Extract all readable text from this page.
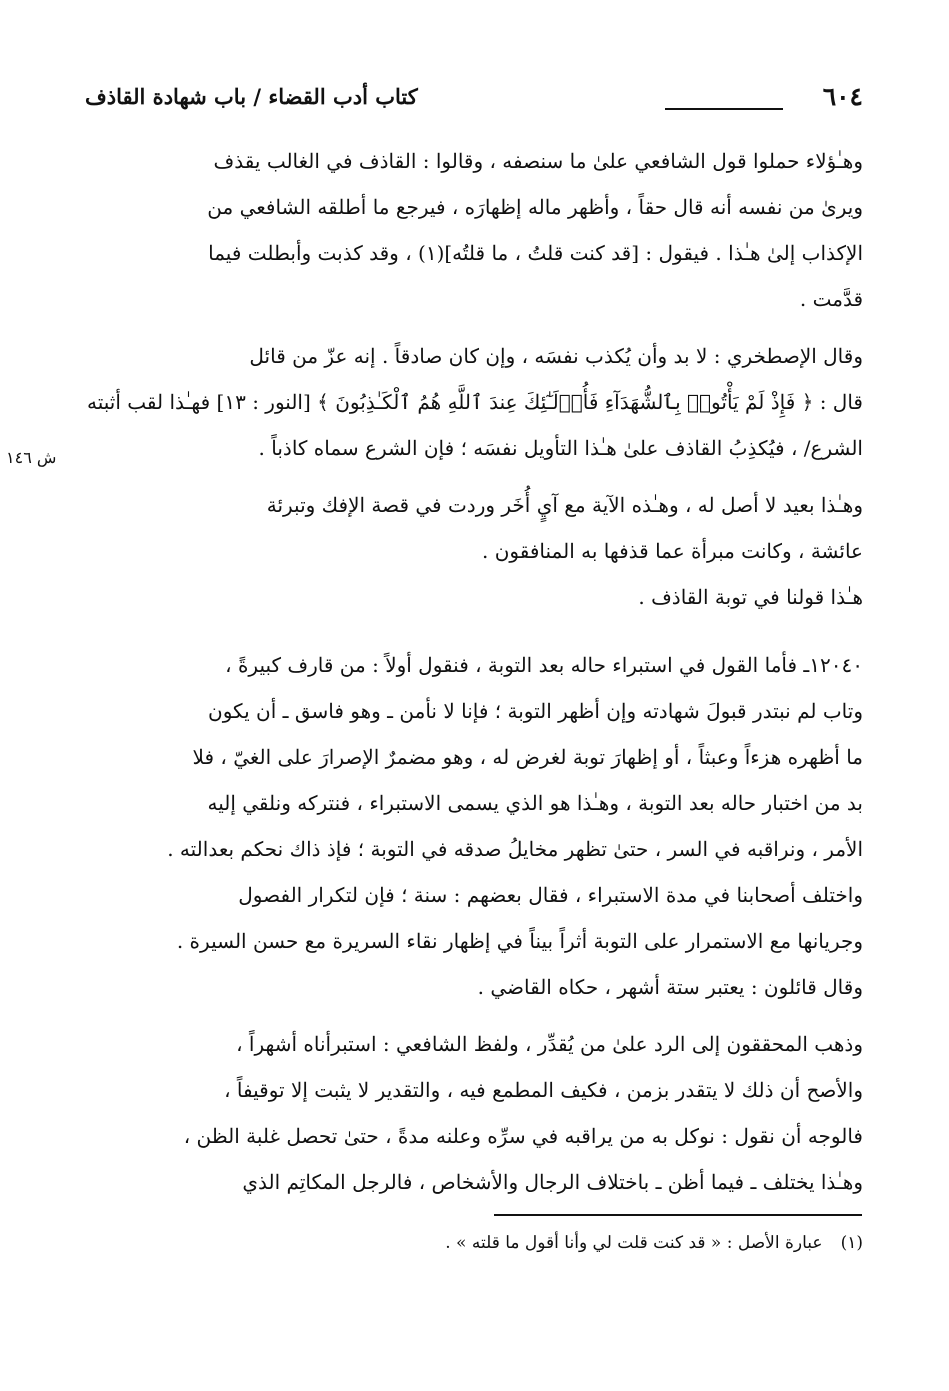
٦٠٤
كتاب أدب القضاء / باب شهادة القاذف
ش ١٤٦

وهـٰؤلاء حملوا قول الشافعي علىٰ ما سنصفه ، وقالوا : القاذف في الغالب يقذف
ويرىٰ من نفسه أنه قال حقاً ، وأظهر ماله إظهارَه ، فيرجع ما أطلقه الشافعي من
الإكذاب إلىٰ هـٰذا . فيقول : [قد كنت قلتُ ، ما قلتُه](١) ، وقد كذبت وأبطلت فيما
قدَّمت .

وقال الإصطخري : لا بد وأن يُكذب نفسَه ، وإن كان صادقاً . إنه عزّ من قائل
قال : ﴿ فَإِذْ لَمْ يَأْتُوا۟ بِٱلشُّهَدَآءِ فَأُو۟لَـٰٓئِكَ عِندَ ٱللَّهِ هُمُ ٱلْكَـٰذِبُونَ ﴾ [النور : ١٣] فهـٰذا لقب أثبته
الشرع/ ، فيُكذِبُ القاذف علىٰ هـٰذا التأويل نفسَه ؛ فإن الشرع سماه كاذباً .

وهـٰذا بعيد لا أصل له ، وهـٰذه الآية مع آيٍ أُخَر وردت في قصة الإفك وتبرئة
عائشة ، وكانت مبرأة عما قذفها به المنافقون .

هـٰذا قولنا في توبة القاذف .

١٢٠٤٠ـ فأما القول في استبراء حاله بعد التوبة ، فنقول أولاً : من قارف كبيرةً ،
وتاب لم نبتدر قبولَ شهادته وإن أظهر التوبة ؛ فإنا لا نأمن ـ وهو فاسق ـ أن يكون
ما أظهره هزءاً وعبثاً ، أو إظهارَ توبة لغرض له ، وهو مضمرٌ الإصرارَ على الغيّ ، فلا
بد من اختبار حاله بعد التوبة ، وهـٰذا هو الذي يسمى الاستبراء ، فنتركه ونلقي إليه
الأمر ، ونراقبه في السر ، حتىٰ تظهر مخايلُ صدقه في التوبة ؛ فإذ ذاك نحكم بعدالته .

واختلف أصحابنا في مدة الاستبراء ، فقال بعضهم : سنة ؛ فإن لتكرار الفصول
وجريانها مع الاستمرار على التوبة أثراً بيناً في إظهار نقاء السريرة مع حسن السيرة .

وقال قائلون : يعتبر ستة أشهر ، حكاه القاضي .

وذهب المحققون إلى الرد علىٰ من يُقدِّر ، ولفظ الشافعي : استبرأناه أشهراً ،
والأصح أن ذلك لا يتقدر بزمن ، فكيف المطمع فيه ، والتقدير لا يثبت إلا توقيفاً ،
فالوجه أن نقول : نوكل به من يراقبه في سرِّه وعلنه مدةً ، حتىٰ تحصل غلبة الظن ،
وهـٰذا يختلف ـ فيما أظن ـ باختلاف الرجال والأشخاص ، فالرجل المكاتِم الذي

(١)عبارة الأصل : « قد كنت قلت لي وأنا أقول ما قلته » .
